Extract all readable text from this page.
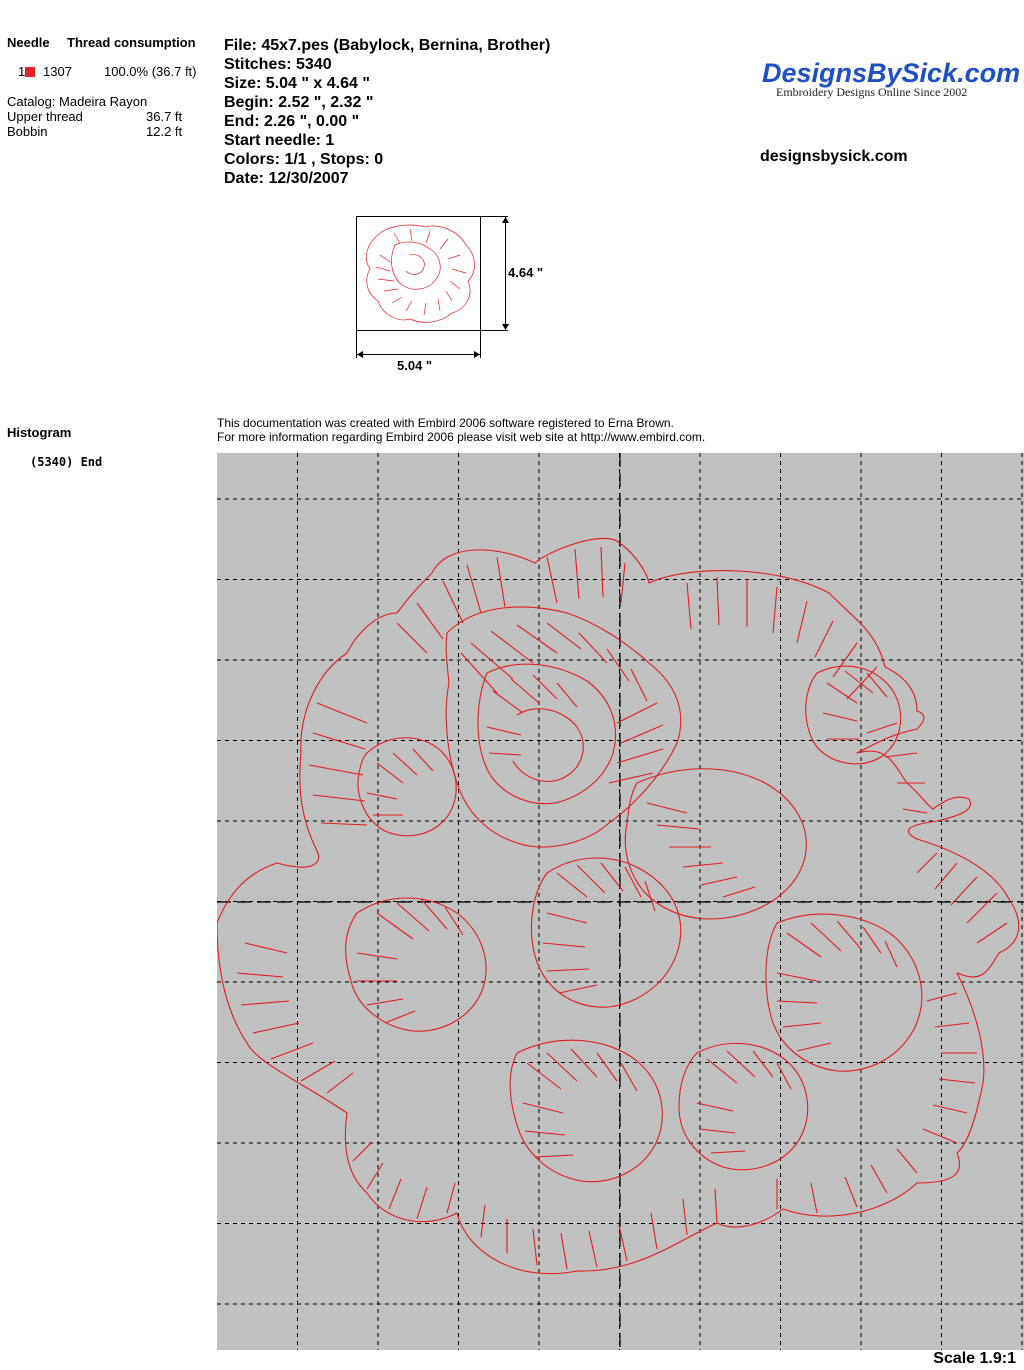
Needle Thread consumption
1	1307 100.0% (36.7 ft)
Catalog: Madeira Rayon
Upper thread	36.7 ft
Bobbin	12.2 ft
File: 45x7.pes (Babylock, Bernina, Brother)
Stitches: 5340
Size: 5.04 " x 4.64 "
Begin: 2.52 ", 2.32 "
End: 2.26 ", 0.00 "
Start needle: 1
Colors: 1/1 , Stops: 0
Date: 12/30/2007
DesignsBySick.com
Embroidery Designs Online Since 2002
designsbysick.com
4.64 "
5.04 "
Histogram
(5340) End
This documentation was created with Embird 2006 software registered to Erna Brown.
For more information regarding Embird 2006 please visit web site at http://www.embird.com.
Scale 1.9:1
